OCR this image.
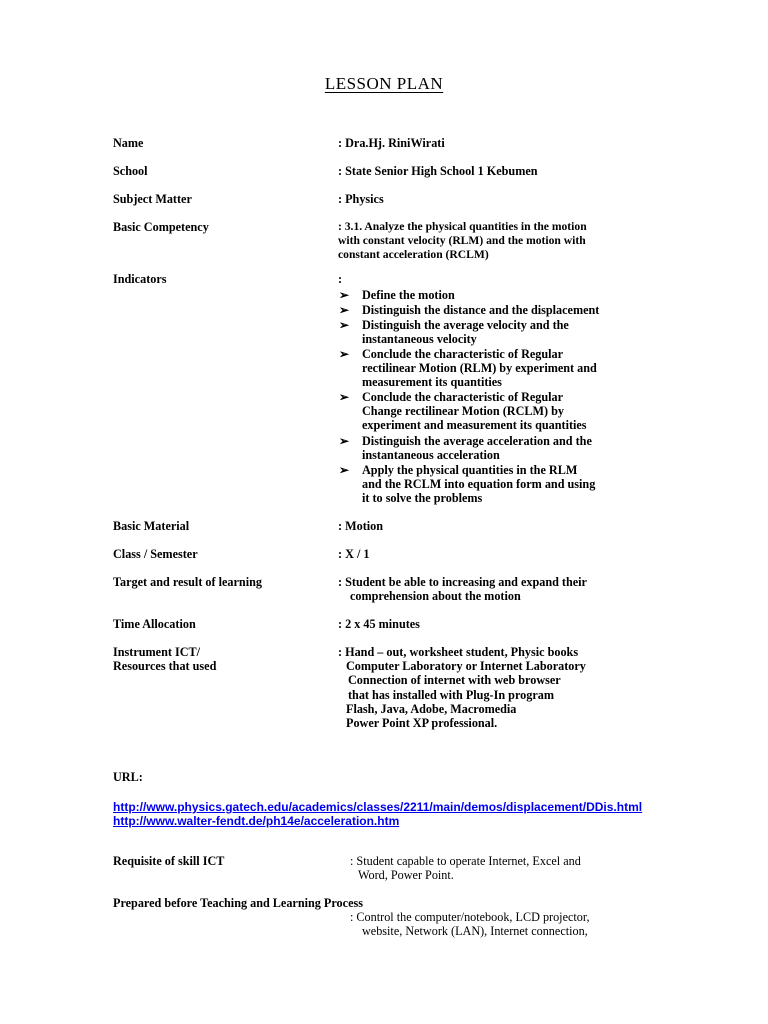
LESSON PLAN
Name	: Dra.Hj. RiniWirati
School	: State Senior High School 1 Kebumen
Subject Matter	: Physics
Basic Competency	: 3.1. Analyze the physical quantities in the motion
with constant velocity (RLM) and the motion with
constant acceleration (RCLM)
Indicators	:
➢ Define the motion
➢ Distinguish the distance and the displacement
➢ Distinguish the average velocity and the
instantaneous velocity
➢ Conclude the characteristic of Regular
rectilinear Motion (RLM) by experiment and
measurement its quantities
➢ Conclude the characteristic of Regular
Change rectilinear Motion (RCLM) by
experiment and measurement its quantities
➢ Distinguish the average acceleration and the
instantaneous acceleration
➢ Apply the physical quantities in the RLM
and the RCLM into equation form and using
it to solve the problems
Basic Material	: Motion
Class / Semester	: X / 1
Target and result of learning	: Student be able to increasing and expand their
comprehension about the motion
Time Allocation	: 2 x 45 minutes
Instrument ICT/
Resources that used
: Hand – out, worksheet student, Physic books
Computer Laboratory or Internet Laboratory
Connection of internet with web browser
that has installed with Plug-In program
Flash, Java, Adobe, Macromedia
Power Point XP professional.
URL:
http://www.physics.gatech.edu/academics/classes/2211/main/demos/displacement/DDis.html
http://www.walter-fendt.de/ph14e/acceleration.htm
Requisite of skill ICT	: Student capable to operate Internet, Excel and
Word, Power Point.
Prepared before Teaching and Learning Process
: Control the computer/notebook, LCD projector,
website, Network (LAN), Internet connection,
